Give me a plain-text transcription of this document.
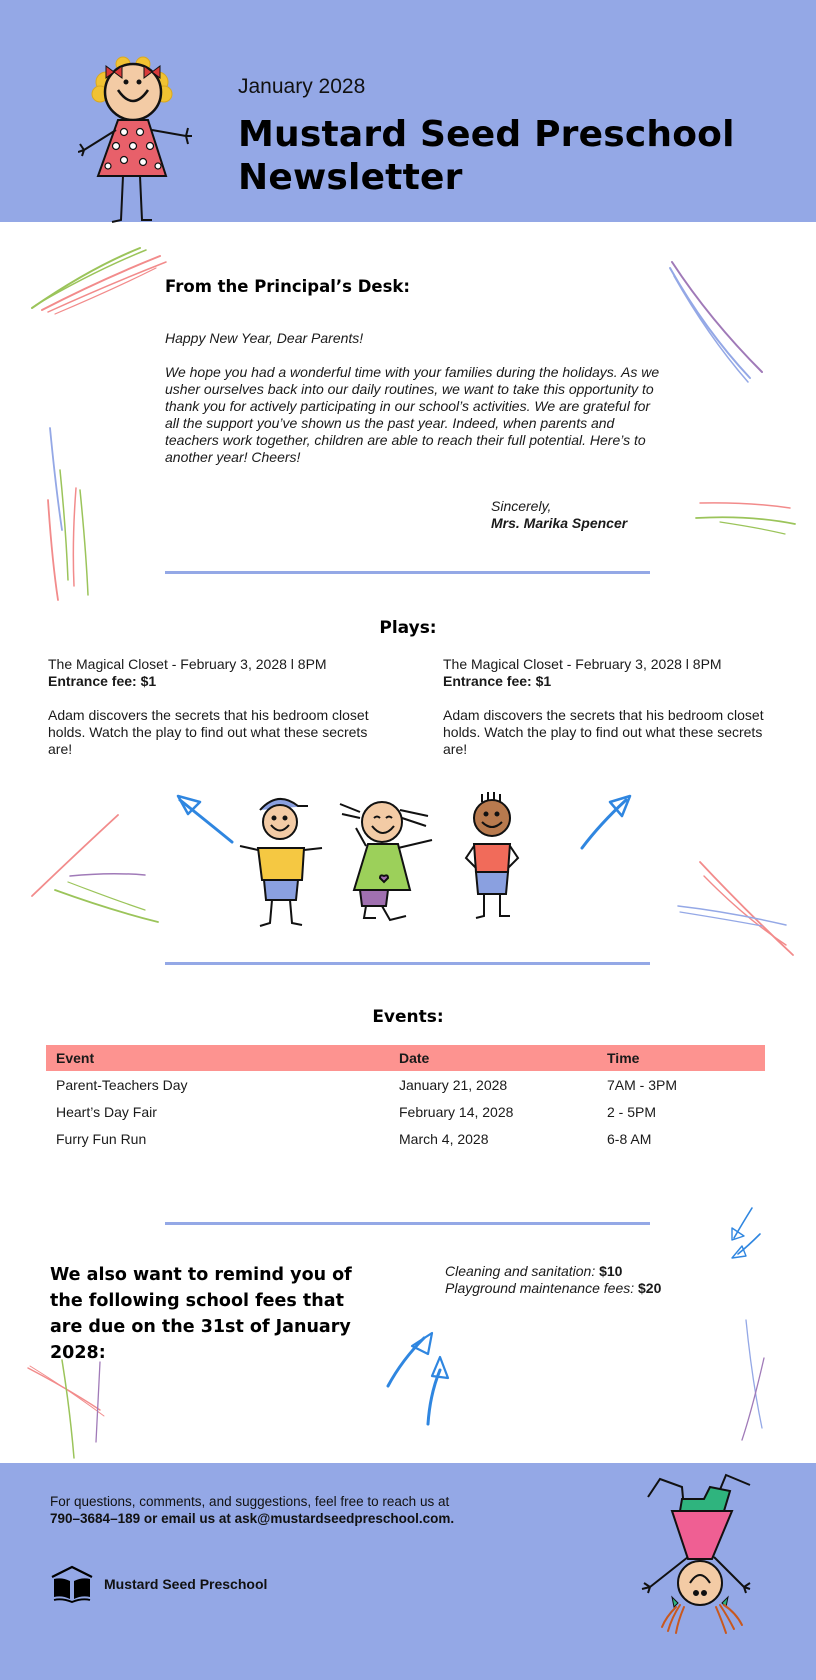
January 2028
Mustard Seed Preschool Newsletter
From the Principal’s Desk:
Happy New Year, Dear Parents!
We hope you had a wonderful time with your families during the holidays. As we usher ourselves back into our daily routines, we want to take this opportunity to thank you for actively participating in our school’s activities. We are grateful for all the support you’ve shown us the past year. Indeed, when parents and teachers work together, children are able to reach their full potential. Here’s to another year! Cheers!
Sincerely,
Mrs. Marika Spencer
Plays:
The Magical Closet - February 3, 2028 l 8PM
Entrance fee: $1
Adam discovers the secrets that his bedroom closet holds. Watch the play to find out what these secrets are!
The Magical Closet - February 3, 2028 l 8PM
Entrance fee: $1
Adam discovers the secrets that his bedroom closet holds. Watch the play to find out what these secrets are!
Events:
Event	Date	Time
Parent-Teachers Day	January 21, 2028	7AM - 3PM
Heart’s Day Fair	February 14, 2028	2 - 5PM
Furry Fun Run	March 4, 2028	6-8 AM
We also want to remind you of the following school fees that are due on the 31st of January 2028:
Cleaning and sanitation: $10
Playground maintenance fees: $20
For questions, comments, and suggestions, feel free to reach us at
790–3684–189 or email us at ask@mustardseedpreschool.com.
Mustard Seed Preschool
